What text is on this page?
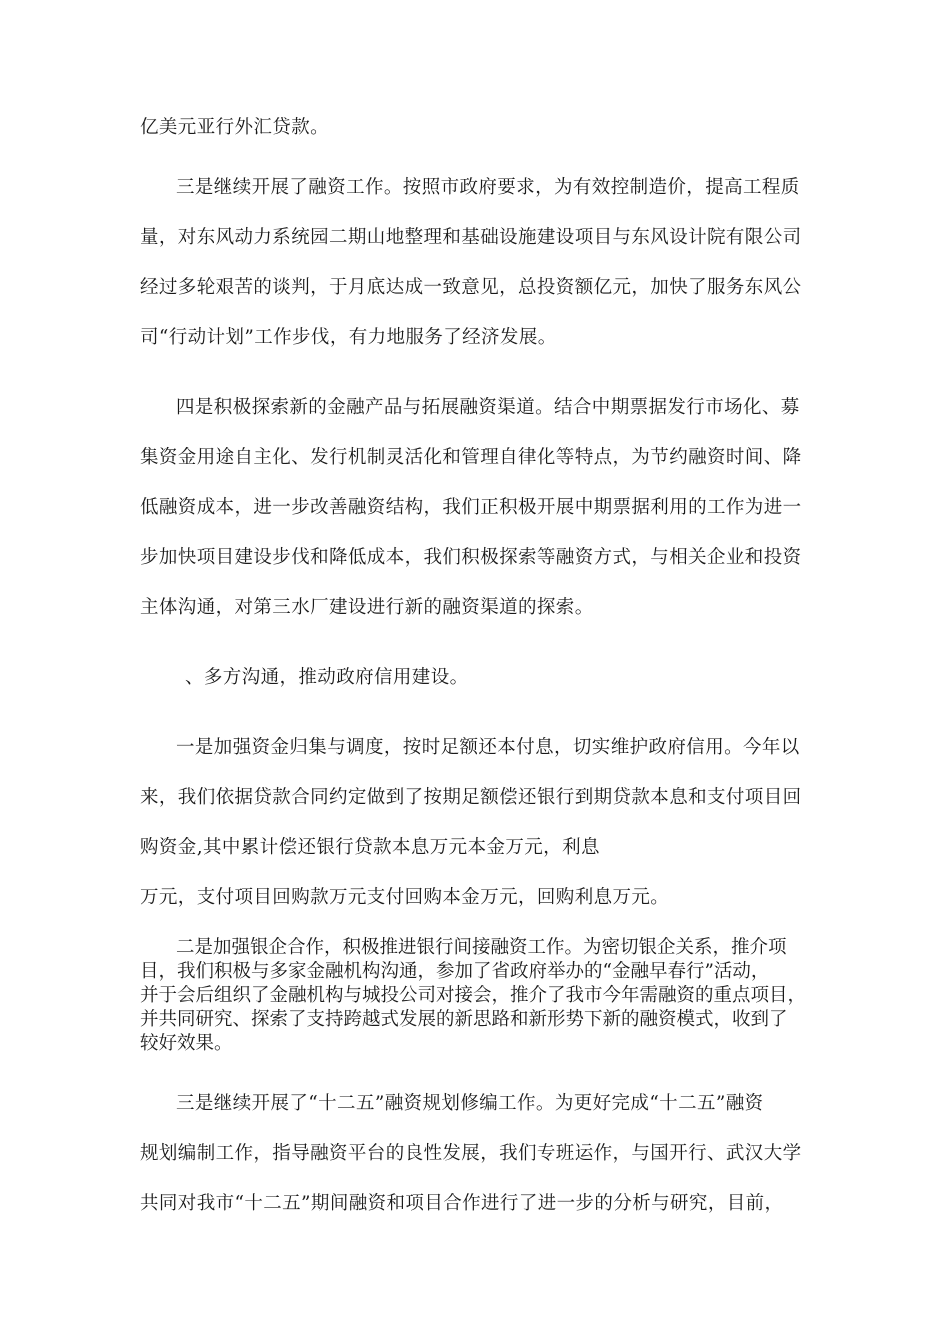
亿美元亚行外汇贷款。
三是继续开展了融资工作。按照市政府要求，为有效控制造价，提高工程质
量，对东风动力系统园二期山地整理和基础设施建设项目与东风设计院有限公司
经过多轮艰苦的谈判，于月底达成一致意见，总投资额亿元，加快了服务东风公
司“行动计划”工作步伐，有力地服务了经济发展。
四是积极探索新的金融产品与拓展融资渠道。结合中期票据发行市场化、募
集资金用途自主化、发行机制灵活化和管理自律化等特点，为节约融资时间、降
低融资成本，进一步改善融资结构，我们正积极开展中期票据利用的工作为进一
步加快项目建设步伐和降低成本，我们积极探索等融资方式，与相关企业和投资
主体沟通，对第三水厂建设进行新的融资渠道的探索。
、多方沟通，推动政府信用建设。
一是加强资金归集与调度，按时足额还本付息，切实维护政府信用。今年以
来，我们依据贷款合同约定做到了按期足额偿还银行到期贷款本息和支付项目回
购资金,其中累计偿还银行贷款本息万元本金万元，利息
万元，支付项目回购款万元支付回购本金万元，回购利息万元。
二是加强银企合作，积极推进银行间接融资工作。为密切银企关系，推介项
目，我们积极与多家金融机构沟通，参加了省政府举办的“金融早春行”活动，
并于会后组织了金融机构与城投公司对接会，推介了我市今年需融资的重点项目，
并共同研究、探索了支持跨越式发展的新思路和新形势下新的融资模式，收到了
较好效果。
三是继续开展了“十二五”融资规划修编工作。为更好完成“十二五”融资
规划编制工作，指导融资平台的良性发展，我们专班运作，与国开行、武汉大学
共同对我市“十二五”期间融资和项目合作进行了进一步的分析与研究，目前，
